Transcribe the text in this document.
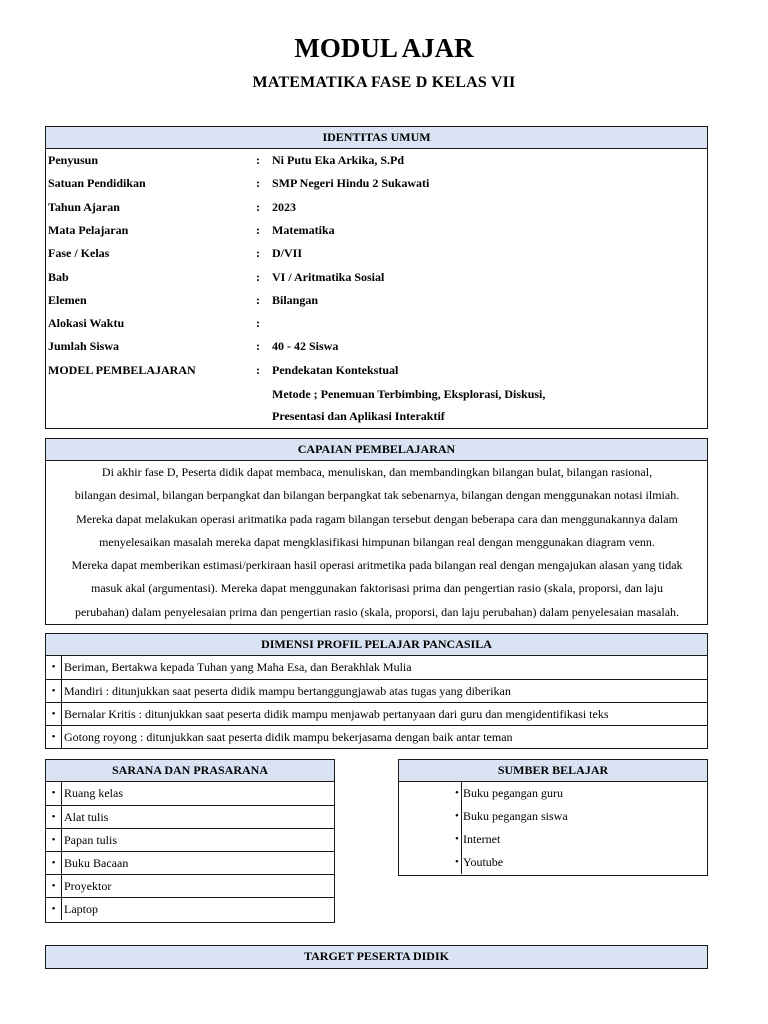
MODUL AJAR
MATEMATIKA FASE D KELAS VII
IDENTITAS UMUM
Penyusun	:	Ni Putu Eka Arkika, S.Pd
Satuan Pendidikan	:	SMP Negeri Hindu 2 Sukawati
Tahun Ajaran	:	2023
Mata Pelajaran	:	Matematika
Fase / Kelas	:	D/VII
Bab	:	VI / Aritmatika Sosial
Elemen	:	Bilangan
Alokasi Waktu	:
Jumlah Siswa	:	40 - 42 Siswa
MODEL PEMBELAJARAN	:	Pendekatan Kontekstual
Metode ; Penemuan Terbimbing, Eksplorasi, Diskusi,
Presentasi dan Aplikasi Interaktif
CAPAIAN PEMBELAJARAN
Di akhir fase D, Peserta didik dapat membaca, menuliskan, dan membandingkan bilangan bulat, bilangan rasional,
bilangan desimal, bilangan berpangkat dan bilangan berpangkat tak sebenarnya, bilangan dengan menggunakan notasi ilmiah.
Mereka dapat melakukan operasi aritmatika pada ragam bilangan tersebut dengan beberapa cara dan menggunakannya dalam
menyelesaikan masalah mereka dapat mengklasifikasi himpunan bilangan real dengan menggunakan diagram venn.
Mereka dapat memberikan estimasi/perkiraan hasil operasi aritmetika pada bilangan real dengan mengajukan alasan yang tidak
masuk akal (argumentasi). Mereka dapat menggunakan faktorisasi prima dan pengertian rasio (skala, proporsi, dan laju
perubahan) dalam penyelesaian prima dan pengertian rasio (skala, proporsi, dan laju perubahan) dalam penyelesaian masalah.
DIMENSI PROFIL PELAJAR PANCASILA
• Beriman, Bertakwa kepada Tuhan yang Maha Esa, dan Berakhlak Mulia
• Mandiri : ditunjukkan saat peserta didik mampu bertanggungjawab atas tugas yang diberikan
• Bernalar Kritis : ditunjukkan saat peserta didik mampu menjawab pertanyaan dari guru dan mengidentifikasi teks
• Gotong royong : ditunjukkan saat peserta didik mampu bekerjasama dengan baik antar teman
SARANA DAN PRASARANA
• Ruang kelas
• Alat tulis
• Papan tulis
• Buku Bacaan
• Proyektor
• Laptop
SUMBER BELAJAR
• Buku pegangan guru
• Buku pegangan siswa
• Internet
• Youtube
TARGET PESERTA DIDIK
